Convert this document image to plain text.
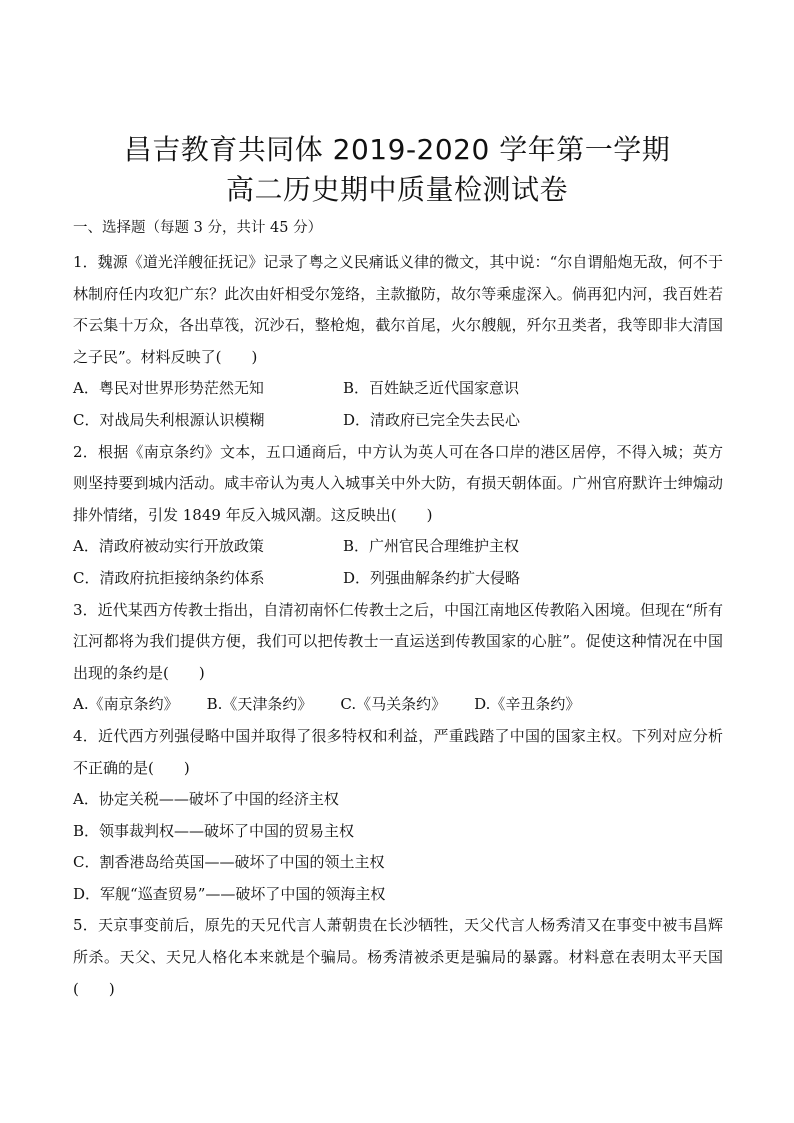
昌吉教育共同体 2019-2020 学年第一学期
高二历史期中质量检测试卷
一、选择题（每题 3 分，共计 45 分）

1．魏源《道光洋艘征抚记》记录了粤之义民痛诋义律的微文，其中说：“尔自谓船炮无敌，何不于林制府任内攻犯广东？此次由奸相受尔笼络，主款撤防，故尔等乘虚深入。倘再犯内河，我百姓若不云集十万众，各出草筏，沉沙石，整枪炮，截尔首尾，火尔艘舰，歼尔丑类者，我等即非大清国之子民”。材料反映了(　　)

A．粤民对世界形势茫然无知	B．百姓缺乏近代国家意识
C．对战局失利根源认识模糊	D．清政府已完全失去民心

2．根据《南京条约》文本，五口通商后，中方认为英人可在各口岸的港区居停，不得入城；英方则坚持要到城内活动。咸丰帝认为夷人入城事关中外大防，有损天朝体面。广州官府默许士绅煽动排外情绪，引发 1849 年反入城风潮。这反映出(　　)

A．清政府被动实行开放政策	B．广州官民合理维护主权
C．清政府抗拒接纳条约体系	D．列强曲解条约扩大侵略

3．近代某西方传教士指出，自清初南怀仁传教士之后，中国江南地区传教陷入困境。但现在“所有江河都将为我们提供方便，我们可以把传教士一直运送到传教国家的心脏”。促使这种情况在中国出现的条约是(　　)

A.《南京条约》 B.《天津条约》 C.《马关条约》 D.《辛丑条约》

4．近代西方列强侵略中国并取得了很多特权和利益，严重践踏了中国的国家主权。下列对应分析不正确的是(　　)

A．协定关税——破坏了中国的经济主权
B．领事裁判权——破坏了中国的贸易主权
C．割香港岛给英国——破坏了中国的领土主权
D．军舰“巡查贸易”——破坏了中国的领海主权

5．天京事变前后，原先的天兄代言人萧朝贵在长沙牺牲，天父代言人杨秀清又在事变中被韦昌辉所杀。天父、天兄人格化本来就是个骗局。杨秀清被杀更是骗局的暴露。材料意在表明太平天国(　　)
